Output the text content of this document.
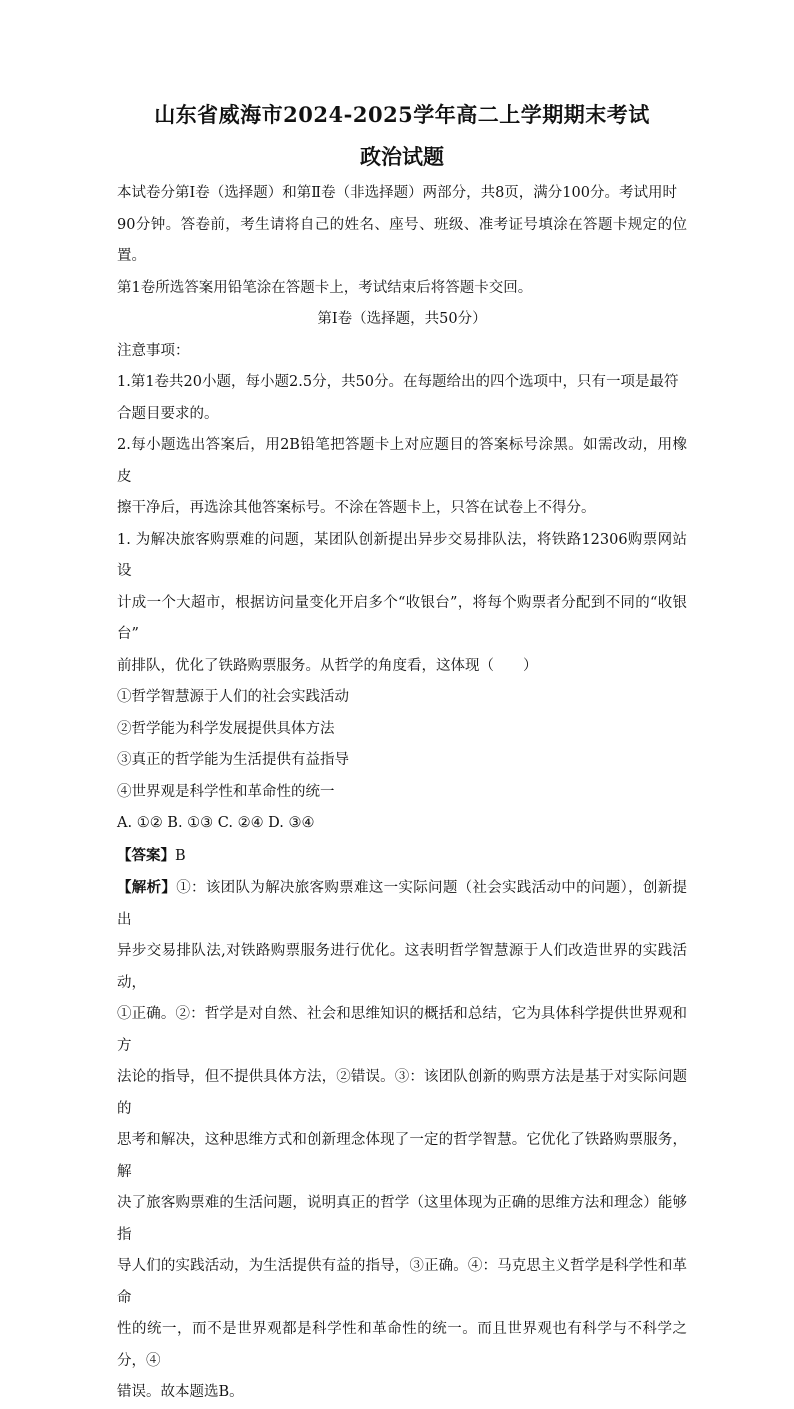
山东省威海市2024-2025学年高二上学期期末考试
政治试题

本试卷分第Ⅰ卷（选择题）和第Ⅱ卷（非选择题）两部分，共8页，满分100分。考试用时

90分钟。答卷前，考生请将自己的姓名、座号、班级、准考证号填涂在答题卡规定的位置。

第1卷所选答案用铅笔涂在答题卡上，考试结束后将答题卡交回。

第Ⅰ卷（选择题，共50分）

注意事项：

1.第1卷共20小题，每小题2.5分，共50分。在每题给出的四个选项中，只有一项是最符

合题目要求的。

2.每小题选出答案后，用2B铅笔把答题卡上对应题目的答案标号涂黑。如需改动，用橡皮

擦干净后，再选涂其他答案标号。不涂在答题卡上，只答在试卷上不得分。

1. 为解决旅客购票难的问题，某团队创新提出异步交易排队法，将铁路12306购票网站设

计成一个大超市，根据访问量变化开启多个“收银台”，将每个购票者分配到不同的“收银台”

前排队，优化了铁路购票服务。从哲学的角度看，这体现（　　）

①哲学智慧源于人们的社会实践活动

②哲学能为科学发展提供具体方法

③真正的哲学能为生活提供有益指导

④世界观是科学性和革命性的统一

A. ①② B. ①③ C. ②④ D. ③④

【答案】B

【解析】①：该团队为解决旅客购票难这一实际问题（社会实践活动中的问题），创新提出

异步交易排队法,对铁路购票服务进行优化。这表明哲学智慧源于人们改造世界的实践活动，

①正确。②：哲学是对自然、社会和思维知识的概括和总结，它为具体科学提供世界观和方

法论的指导，但不提供具体方法，②错误。③：该团队创新的购票方法是基于对实际问题的

思考和解决，这种思维方式和创新理念体现了一定的哲学智慧。它优化了铁路购票服务，解

决了旅客购票难的生活问题，说明真正的哲学（这里体现为正确的思维方法和理念）能够指

导人们的实践活动，为生活提供有益的指导，③正确。④：马克思主义哲学是科学性和革命

性的统一，而不是世界观都是科学性和革命性的统一。而且世界观也有科学与不科学之分，④

错误。故本题选B。
